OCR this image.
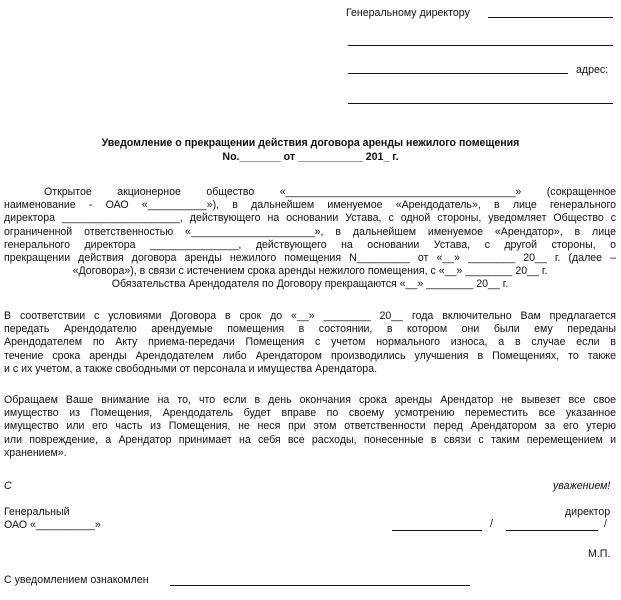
Генеральному директору
адрес:
Уведомление о прекращении действия договора аренды нежилого помещения
No._______ от ___________ 201_ г.
Открытое акционерное общество «_______________________________________» (сокращенное
наименование - ОАО «__________»), в дальнейшем именуемое «Арендодатель», в лице генерального
директора ____________________, действующего на основании Устава, с одной стороны, уведомляет Общество с
ограниченной ответственностью «_____________________», в дальнейшем именуемое «Арендатор», в лице
генерального директора _______________, действующего на основании Устава, с другой стороны, о
прекращении действия договора аренды нежилого помещения N_________ от «__» ________ 20__ г. (далее –
«Договора»), в связи с истечением срока аренды нежилого помещения, с «__» ________ 20__ г.
Обязательства Арендодателя по Договору прекращаются «__» ________ 20__ г.
В соответствии с условиями Договора в срок до «__» ________ 20__ года включительно Вам предлагается
передать Арендодателю арендуемые помещения в состоянии, в котором они были ему переданы
Арендодателем по Акту приема-передачи Помещения с учетом нормального износа, а в случае если в
течение срока аренды Арендодателем либо Арендатором производились улучшения в Помещениях, то также
и с их учетом, а также свободными от персонала и имущества Арендатора.
Обращаем Ваше внимание на то, что если в день окончания срока аренды Арендатор не вывезет все свое
имущество из Помещения, Арендодатель будет вправе по своему усмотрению переместить все указанное
имущество или его часть из Помещения, не неся при этом ответственности перед Арендатором за его утерю
или повреждение, а Арендатор принимает на себя все расходы, понесенные в связи с таким перемещением и
хранением».
С	уважением!
Генеральный	директор
ОАО «__________»	/	/
М.П.
С уведомлением ознакомлен
